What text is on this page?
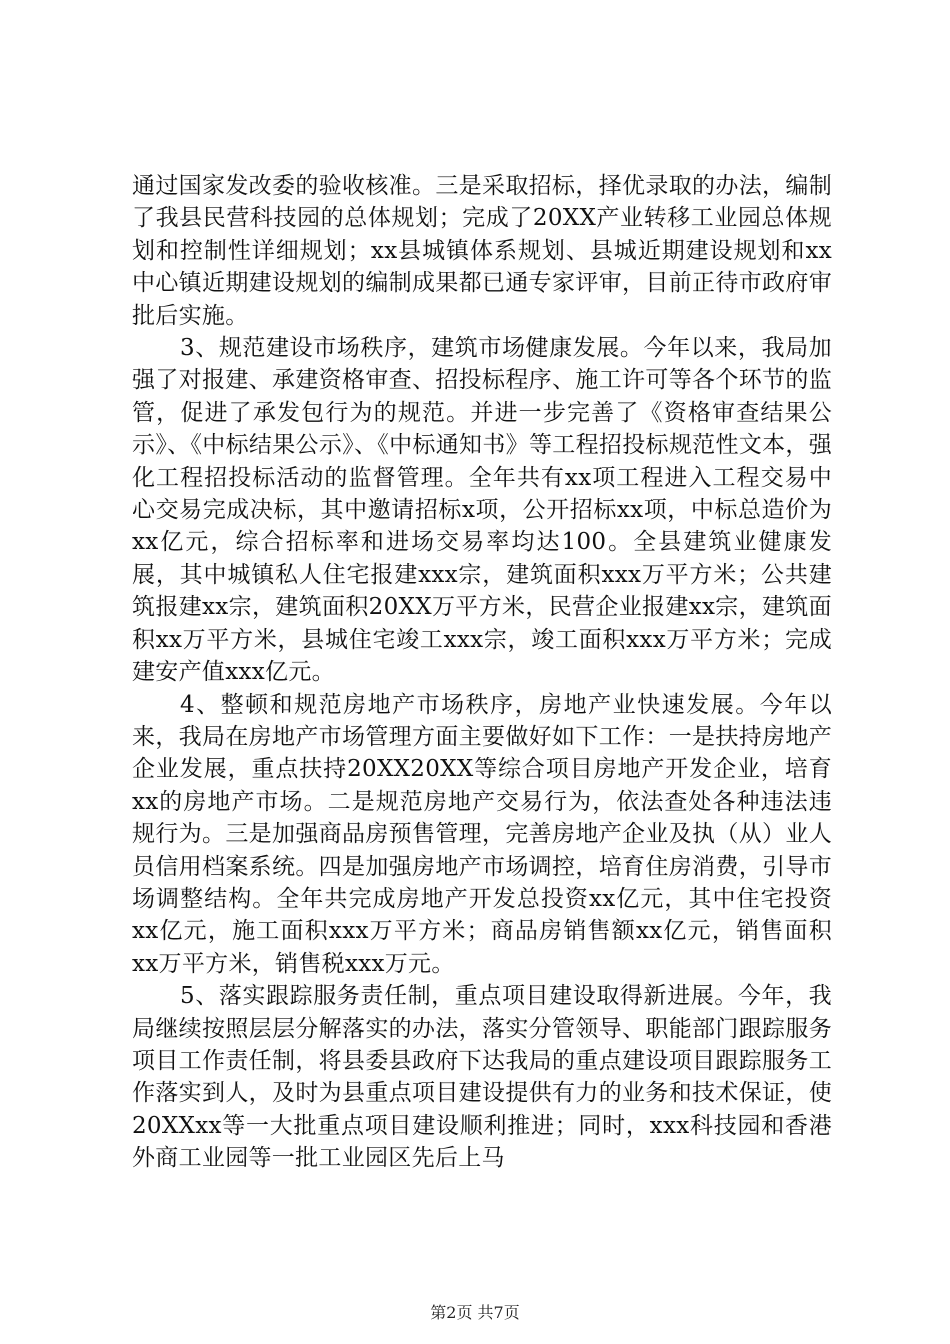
通过国家发改委的验收核准。三是采取招标，择优录取的办法，编制了我县民营科技园的总体规划；完成了20XX产业转移工业园总体规划和控制性详细规划；xx县城镇体系规划、县城近期建设规划和xx中心镇近期建设规划的编制成果都已通专家评审，目前正待市政府审批后实施。

3、规范建设市场秩序，建筑市场健康发展。今年以来，我局加强了对报建、承建资格审查、招投标程序、施工许可等各个环节的监管，促进了承发包行为的规范。并进一步完善了《资格审查结果公示》、《中标结果公示》、《中标通知书》等工程招投标规范性文本，强化工程招投标活动的监督管理。全年共有xx项工程进入工程交易中心交易完成决标，其中邀请招标x项，公开招标xx项，中标总造价为xx亿元，综合招标率和进场交易率均达100。全县建筑业健康发展，其中城镇私人住宅报建xxx宗，建筑面积xxx万平方米；公共建筑报建xx宗，建筑面积20XX万平方米，民营企业报建xx宗，建筑面积xx万平方米，县城住宅竣工xxx宗，竣工面积xxx万平方米；完成建安产值xxx亿元。

4、整顿和规范房地产市场秩序，房地产业快速发展。今年以来，我局在房地产市场管理方面主要做好如下工作：一是扶持房地产企业发展，重点扶持20XX20XX等综合项目房地产开发企业，培育xx的房地产市场。二是规范房地产交易行为，依法查处各种违法违规行为。三是加强商品房预售管理，完善房地产企业及执（从）业人员信用档案系统。四是加强房地产市场调控，培育住房消费，引导市场调整结构。全年共完成房地产开发总投资xx亿元，其中住宅投资xx亿元，施工面积xxx万平方米；商品房销售额xx亿元，销售面积xx万平方米，销售税xxx万元。

5、落实跟踪服务责任制，重点项目建设取得新进展。今年，我局继续按照层层分解落实的办法，落实分管领导、职能部门跟踪服务项目工作责任制，将县委县政府下达我局的重点建设项目跟踪服务工作落实到人，及时为县重点项目建设提供有力的业务和技术保证，使20XXxx等一大批重点项目建设顺利推进；同时，xxx科技园和香港外商工业园等一批工业园区先后上马

第2页 共7页
